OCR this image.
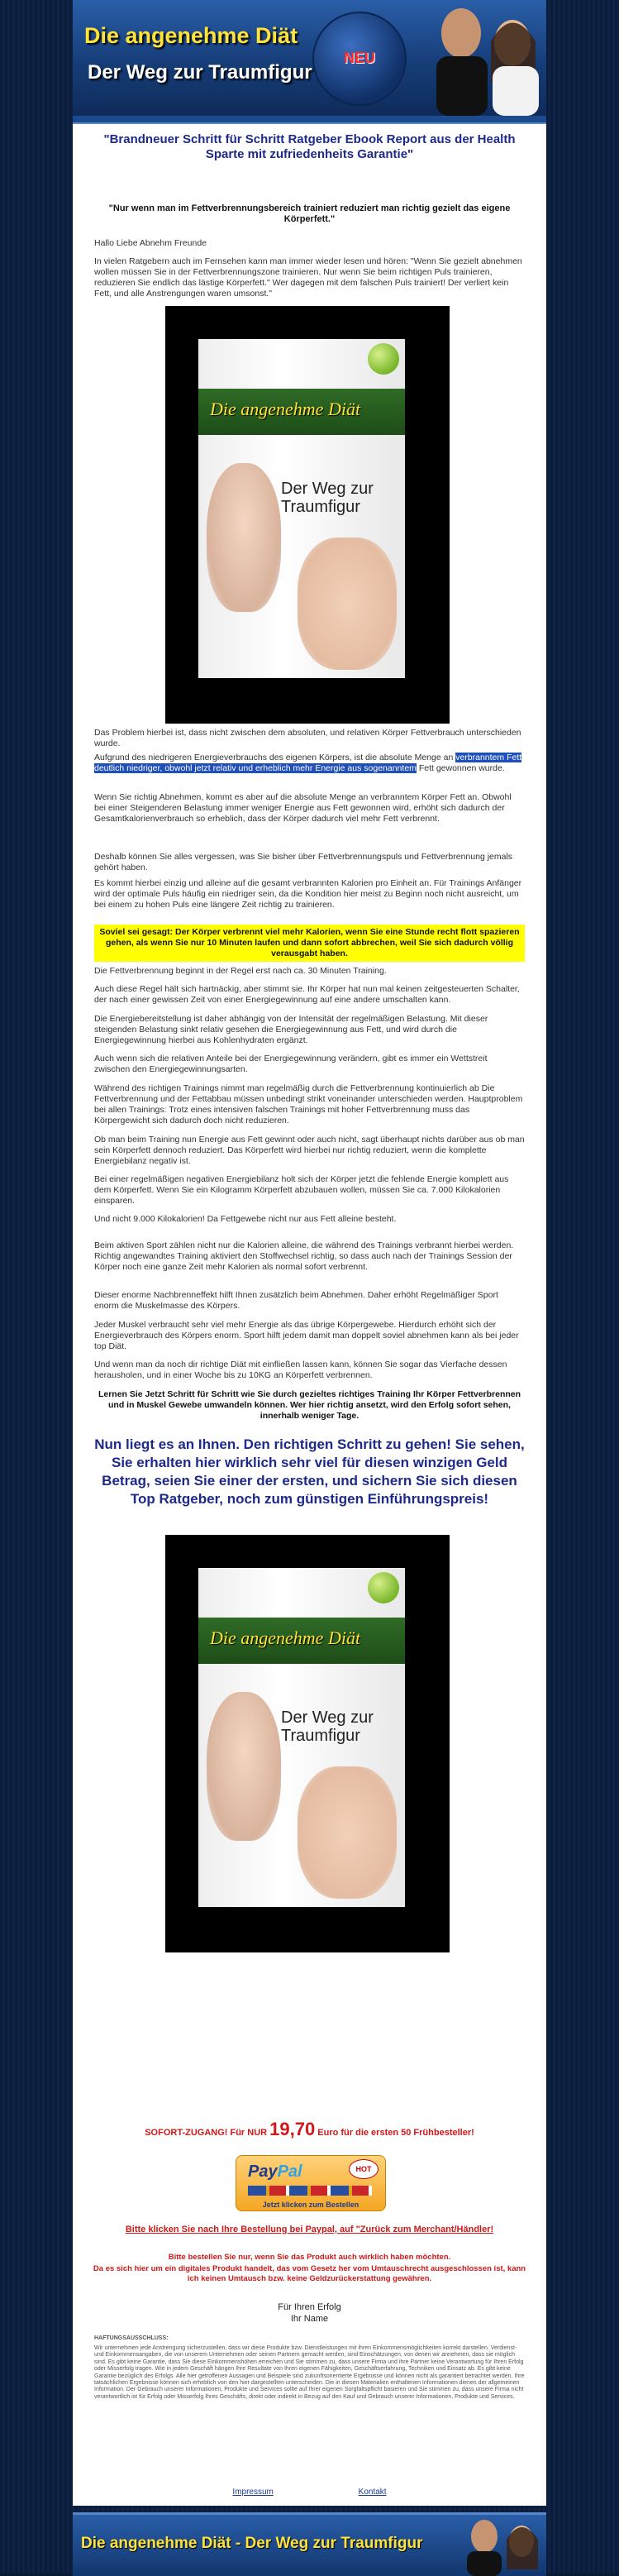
Die angenehme Diät
Der Weg zur Traumfigur
NEU
"Brandneuer Schritt für Schritt Ratgeber Ebook Report aus der Health Sparte mit zufriedenheits Garantie"
"Nur wenn man im Fettverbrennungsbereich trainiert reduziert man richtig gezielt das eigene Körperfett."
Hallo Liebe Abnehm Freunde
In vielen Ratgebern auch im Fernsehen kann man immer wieder lesen und hören: "Wenn Sie gezielt abnehmen wollen müssen Sie in der Fettverbrennungszone trainieren. Nur wenn Sie beim richtigen Puls trainieren, reduzieren Sie endlich das lästige Körperfett." Wer dagegen mit dem falschen Puls trainiert! Der verliert kein Fett, und alle Anstrengungen waren umsonst."
Die angenehme Diät
Der Weg zur Traumfigur
Das Problem hierbei ist, dass nicht zwischen dem absoluten, und relativen Körper Fettverbrauch unterschieden wurde.
Aufgrund des niedrigeren Energieverbrauchs des eigenen Körpers, ist die absolute Menge an verbranntem Fett deutlich niedriger, obwohl jetzt relativ und erheblich mehr Energie aus sogenanntem Fett gewonnen wurde.
Wenn Sie richtig Abnehmen, kommt es aber auf die absolute Menge an verbranntem Körper Fett an. Obwohl bei einer Steigenderen Belastung immer weniger Energie aus Fett gewonnen wird, erhöht sich dadurch der Gesamtkalorienverbrauch so erheblich, dass der Körper dadurch viel mehr Fett verbrennt.
Deshalb können Sie alles vergessen, was Sie bisher über Fettverbrennungspuls und Fettverbrennung jemals gehört haben.
Es kommt hierbei einzig und alleine auf die gesamt verbrannten Kalorien pro Einheit an. Für Trainings Anfänger wird der optimale Puls häufig ein niedriger sein, da die Kondition hier meist zu Beginn noch nicht ausreicht, um bei einem zu hohen Puls eine längere Zeit richtig zu trainieren.
Soviel sei gesagt: Der Körper verbrennt viel mehr Kalorien, wenn Sie eine Stunde recht flott spazieren gehen, als wenn Sie nur 10 Minuten laufen und dann sofort abbrechen, weil Sie sich dadurch völlig verausgabt haben.
Die Fettverbrennung beginnt in der Regel erst nach ca. 30 Minuten Training.
Auch diese Regel hält sich hartnäckig, aber stimmt sie. Ihr Körper hat nun mal keinen zeitgesteuerten Schalter, der nach einer gewissen Zeit von einer Energiegewinnung auf eine andere umschalten kann.
Die Energiebereitstellung ist daher abhängig von der Intensität der regelmäßigen Belastung. Mit dieser steigenden Belastung sinkt relativ gesehen die Energiegewinnung aus Fett, und wird durch die Energiegewinnung hierbei aus Kohlenhydraten ergänzt.
Auch wenn sich die relativen Anteile bei der Energiegewinnung verändern, gibt es immer ein Wettstreit zwischen den Energiegewinnungsarten.
Während des richtigen Trainings nimmt man regelmäßig durch die Fettverbrennung kontinuierlich ab Die Fettverbrennung und der Fettabbau müssen unbedingt strikt voneinander unterschieden werden. Hauptproblem bei allen Trainings: Trotz eines intensiven falschen Trainings mit hoher Fettverbrennung muss das Körpergewicht sich dadurch doch nicht reduzieren.
Ob man beim Training nun Energie aus Fett gewinnt oder auch nicht, sagt überhaupt nichts darüber aus ob man sein Körperfett dennoch reduziert. Das Körperfett wird hierbei nur richtig reduziert, wenn die komplette Energiebilanz negativ ist.
Bei einer regelmäßigen negativen Energiebilanz holt sich der Körper jetzt die fehlende Energie komplett aus dem Körperfett. Wenn Sie ein Kilogramm Körperfett abzubauen wollen, müssen Sie ca. 7.000 Kilokalorien einsparen.
Und nicht 9.000 Kilokalorien! Da Fettgewebe nicht nur aus Fett alleine besteht.
Beim aktiven Sport zählen nicht nur die Kalorien alleine, die während des Trainings verbrannt hierbei werden. Richtig angewandtes Training aktiviert den Stoffwechsel richtig, so dass auch nach der Trainings Session der Körper noch eine ganze Zeit mehr Kalorien als normal sofort verbrennt.
Dieser enorme Nachbrenneffekt hilft Ihnen zusätzlich beim Abnehmen. Daher erhöht Regelmäßiger Sport enorm die Muskelmasse des Körpers.
Jeder Muskel verbraucht sehr viel mehr Energie als das übrige Körpergewebe. Hierdurch erhöht sich der Energieverbrauch des Körpers enorm. Sport hilft jedem damit man doppelt soviel abnehmen kann als bei jeder top Diät.
Und wenn man da noch dir richtige Diät mit einfließen lassen kann, können Sie sogar das Vierfache dessen herausholen, und in einer Woche bis zu 10KG an Körperfett verbrennen.
Lernen Sie Jetzt Schritt für Schritt wie Sie durch gezieltes richtiges Training Ihr Körper Fettverbrennen und in Muskel Gewebe umwandeln können. Wer hier richtig ansetzt, wird den Erfolg sofort sehen, innerhalb weniger Tage.
Nun liegt es an Ihnen. Den richtigen Schritt zu gehen! Sie sehen, Sie erhalten hier wirklich sehr viel für diesen winzigen Geld Betrag, seien Sie einer der ersten, und sichern Sie sich diesen Top Ratgeber, noch zum günstigen Einführungspreis!
Die angenehme Diät
Der Weg zur Traumfigur
SOFORT-ZUGANG! Für NUR 19,70 Euro für die ersten 50 Frühbesteller!
PayPal	HOT
Jetzt klicken zum Bestellen
Bitte klicken Sie nach Ihre Bestellung bei Paypal, auf "Zurück zum Merchant/Händler!
Bitte bestellen Sie nur, wenn Sie das Produkt auch wirklich haben möchten.
Da es sich hier um ein digitales Produkt handelt, das vom Gesetz her vom Umtauschrecht ausgeschlossen ist, kann ich keinen Umtausch bzw. keine Geldzurückerstattung gewähren.
Für Ihren Erfolg
Ihr Name
HAFTUNGSAUSSCHLUSS:
Wir unternehmen jede Anstrengung sicherzustellen, dass wir diese Produkte bzw. Dienstleistungen mit ihren Einkommensmöglichkeiten korrekt darstellen. Verdienst- und Einkommensangaben, die von unserem Unternehmen oder seinen Partnern gemacht werden, sind Einschätzungen, von denen wir annehmen, dass sie möglich sind. Es gibt keine Garantie, dass Sie diese Einkommenshöhen erreichen und Sie stimmen zu, dass unsere Firma und ihre Partner keine Verantwortung für Ihren Erfolg oder Misserfolg tragen. Wie in jedem Geschäft hängen Ihre Resultate von Ihren eigenen Fähigkeiten, Geschäftserfahrung, Techniken und Einsatz ab. Es gibt keine Garantie bezüglich des Erfolgs. Alle hier getroffenen Aussagen und Beispiele sind zukunftsorientierte Ergebnisse und können nicht als garantiert betrachtet werden. Ihre tatsächlichen Ergebnisse können sich erheblich von den hier dargestellten unterscheiden. Die in diesen Materialien enthaltenen Informationen dienen der allgemeinen Information. Der Gebrauch unserer Informationen, Produkte und Services sollte auf Ihrer eigenen Sorgfaltspflicht basieren und Sie stimmen zu, dass unsere Firma nicht verantwortlich ist für Erfolg oder Misserfolg Ihres Geschäfts, direkt oder indirekt in Bezug auf den Kauf und Gebrauch unserer Informationen, Produkte und Services.
Impressum	Kontakt
Die angenehme Diät - Der Weg zur Traumfigur
